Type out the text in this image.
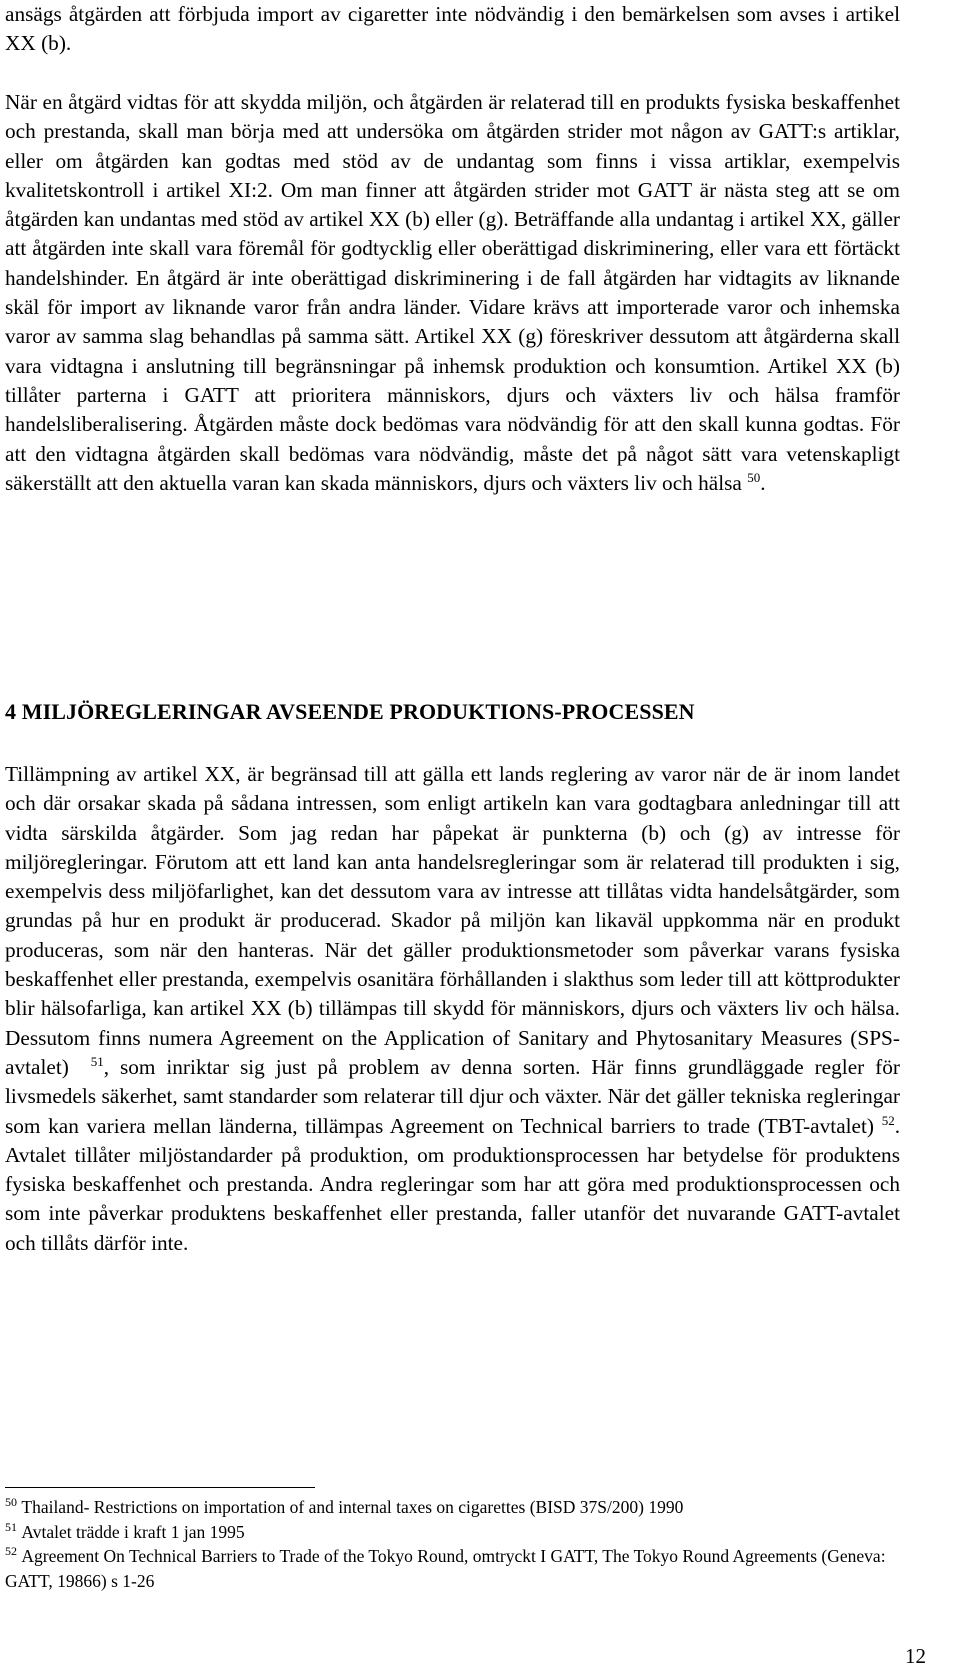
ansägs åtgärden att förbjuda import av cigaretter inte nödvändig i den bemärkelsen som avses i artikel XX (b).

När en åtgärd vidtas för att skydda miljön, och åtgärden är relaterad till en produkts fysiska beskaffenhet och prestanda, skall man börja med att undersöka om åtgärden strider mot någon av GATT:s artiklar, eller om åtgärden kan godtas med stöd av de undantag som finns i vissa artiklar, exempelvis kvalitetskontroll i artikel XI:2. Om man finner att åtgärden strider mot GATT är nästa steg att se om åtgärden kan undantas med stöd av artikel XX (b) eller (g). Beträffande alla undantag i artikel XX, gäller att åtgärden inte skall vara föremål för godtycklig eller oberättigad diskriminering, eller vara ett förtäckt handelshinder. En åtgärd är inte oberättigad diskriminering i de fall åtgärden har vidtagits av liknande skäl för import av liknande varor från andra länder. Vidare krävs att importerade varor och inhemska varor av samma slag behandlas på samma sätt. Artikel XX (g) föreskriver dessutom att åtgärderna skall vara vidtagna i anslutning till begränsningar på inhemsk produktion och konsumtion. Artikel XX (b) tillåter parterna i GATT att prioritera människors, djurs och växters liv och hälsa framför handelsliberalisering. Åtgärden måste dock bedömas vara nödvändig för att den skall kunna godtas. För att den vidtagna åtgärden skall bedömas vara nödvändig, måste det på något sätt vara vetenskapligt säkerställt att den aktuella varan kan skada människors, djurs och växters liv och hälsa $^{50}$.

4 MILJÖREGLERINGAR AVSEENDE PRODUKTIONS-PROCESSEN

Tillämpning av artikel XX, är begränsad till att gälla ett lands reglering av varor när de är inom landet och där orsakar skada på sådana intressen, som enligt artikeln kan vara godtagbara anledningar till att vidta särskilda åtgärder. Som jag redan har påpekat är punkterna (b) och (g) av intresse för miljöregleringar. Förutom att ett land kan anta handelsregleringar som är relaterad till produkten i sig, exempelvis dess miljöfarlighet, kan det dessutom vara av intresse att tillåtas vidta handelsåtgärder, som grundas på hur en produkt är producerad. Skador på miljön kan likaväl uppkomma när en produkt produceras, som när den hanteras. När det gäller produktionsmetoder som påverkar varans fysiska beskaffenhet eller prestanda, exempelvis osanitära förhållanden i slakthus som leder till att köttprodukter blir hälsofarliga, kan artikel XX (b) tillämpas till skydd för människors, djurs och växters liv och hälsa. Dessutom finns numera Agreement on the Application of Sanitary and Phytosanitary Measures (SPS-avtalet) $^{51}$, som inriktar sig just på problem av denna sorten. Här finns grundläggade regler för livsmedels säkerhet, samt standarder som relaterar till djur och växter. När det gäller tekniska regleringar som kan variera mellan länderna, tillämpas Agreement on Technical barriers to trade (TBT-avtalet) $^{52}$. Avtalet tillåter miljöstandarder på produktion, om produktionsprocessen har betydelse för produktens fysiska beskaffenhet och prestanda. Andra regleringar som har att göra med produktionsprocessen och som inte påverkar produktens beskaffenhet eller prestanda, faller utanför det nuvarande GATT-avtalet och tillåts därför inte.

$^{50}$ Thailand- Restrictions on importation of and internal taxes on cigarettes (BISD 37S/200) 1990

$^{51}$ Avtalet trädde i kraft 1 jan 1995

$^{52}$ Agreement On Technical Barriers to Trade of the Tokyo Round, omtryckt I GATT, The Tokyo Round Agreements (Geneva: GATT, 19866) s 1-26

12
